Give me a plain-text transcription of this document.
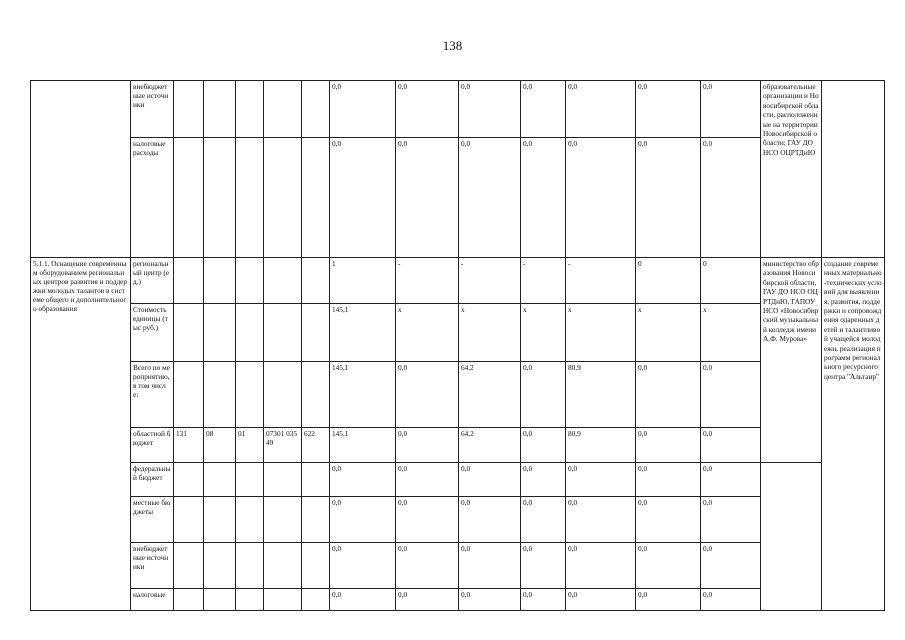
138
	внебюджетные источники						0,0	0,0	0,0	0,0	0,0	0,0	0,0	образовательные организации и Новосибирской области, расположенные на территории Новосибирской области; ГАУ ДО НСО ОЦРТДиЮ	
	налоговые расходы						0,0	0,0	0,0	0,0	0,0	0,0	0,0		
5.1.1. Оснащение современным оборудованием региональных центров развития и поддержки молодых талантов в системе общего и дополнительного образования	региональный центр (ед.)						1	-	-	-	-	0	0	министерство образования Новосибирской области, ГАУ ДО НСО ОЦРТДиЮ, ГАПОУ НСО «Новосибирский музыкальный колледж имени А.Ф. Мурова»	создание современных материально-технических условий для выявления, развития, поддержки и сопровождения одаренных детей и талантливой учащейся молодежи, реализация программ регионального ресурсного центра "Альтаир"
	Стоимость единицы (тыс руб.)						145,1	x	x	x	x	x	x		
	Всего по мероприятию, в том числе:						145,1	0,0	64,2	0,0	80,9	0,0	0,0		
	областной бюджет	131	08	01	07301 03549	622	145,1	0,0	64,2	0,0	80,9	0,0	0,0		
	федеральный бюджет						0,0	0,0	0,0	0,0	0,0	0,0	0,0		
	местные бюджеты						0,0	0,0	0,0	0,0	0,0	0,0	0,0		
	внебюджетные источники						0,0	0,0	0,0	0,0	0,0	0,0	0,0		
	налоговые						0,0	0,0	0,0	0,0	0,0	0,0	0,0		
